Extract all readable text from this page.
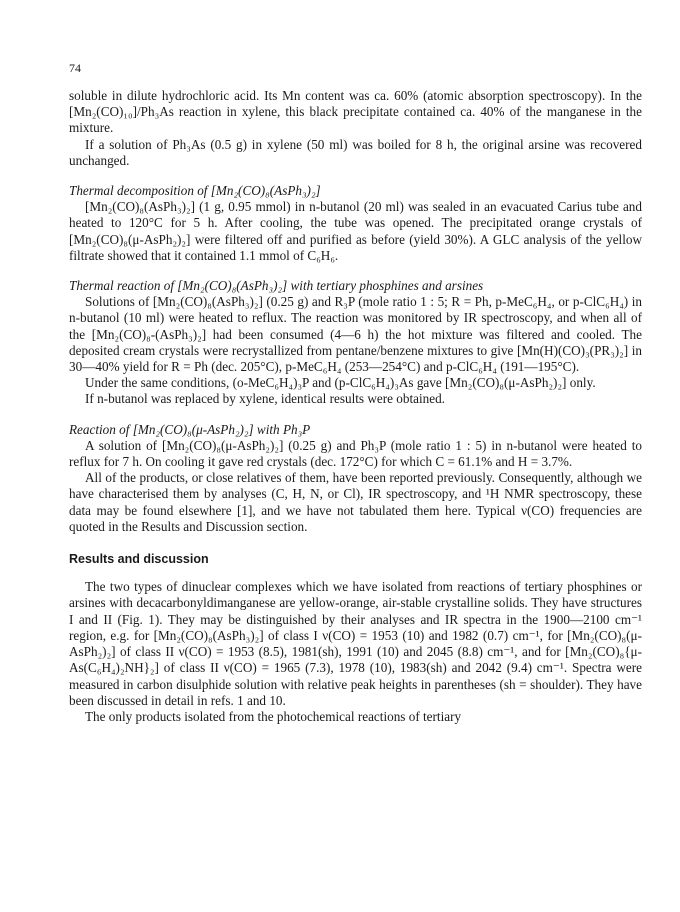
74

soluble in dilute hydrochloric acid. Its Mn content was ca. 60% (atomic absorption spectroscopy). In the [Mn₂(CO)₁₀]/Ph₃As reaction in xylene, this black precipitate contained ca. 40% of the manganese in the mixture.

If a solution of Ph₃As (0.5 g) in xylene (50 ml) was boiled for 8 h, the original arsine was recovered unchanged.

Thermal decomposition of [Mn₂(CO)₈(AsPh₃)₂]

[Mn₂(CO)₈(AsPh₃)₂] (1 g, 0.95 mmol) in n-butanol (20 ml) was sealed in an evacuated Carius tube and heated to 120°C for 5 h. After cooling, the tube was opened. The precipitated orange crystals of [Mn₂(CO)₈(μ-AsPh₂)₂] were filtered off and purified as before (yield 30%). A GLC analysis of the yellow filtrate showed that it contained 1.1 mmol of C₆H₆.

Thermal reaction of [Mn₂(CO)₈(AsPh₃)₂] with tertiary phosphines and arsines

Solutions of [Mn₂(CO)₈(AsPh₃)₂] (0.25 g) and R₃P (mole ratio 1 : 5; R = Ph, p-MeC₆H₄, or p-ClC₆H₄) in n-butanol (10 ml) were heated to reflux. The reaction was monitored by IR spectroscopy, and when all of the [Mn₂(CO)₈-(AsPh₃)₂] had been consumed (4—6 h) the hot mixture was filtered and cooled. The deposited cream crystals were recrystallized from pentane/benzene mixtures to give [Mn(H)(CO)₃(PR₃)₂] in 30—40% yield for R = Ph (dec. 205°C), p-MeC₆H₄ (253—254°C) and p-ClC₆H₄ (191—195°C).

Under the same conditions, (o-MeC₆H₄)₃P and (p-ClC₆H₄)₃As gave [Mn₂(CO)₈(μ-AsPh₂)₂] only.

If n-butanol was replaced by xylene, identical results were obtained.

Reaction of [Mn₂(CO)₈(μ-AsPh₂)₂] with Ph₃P

A solution of [Mn₂(CO)₈(μ-AsPh₂)₂] (0.25 g) and Ph₃P (mole ratio 1 : 5) in n-butanol were heated to reflux for 7 h. On cooling it gave red crystals (dec. 172°C) for which C = 61.1% and H = 3.7%.

All of the products, or close relatives of them, have been reported previously. Consequently, although we have characterised them by analyses (C, H, N, or Cl), IR spectroscopy, and ¹H NMR spectroscopy, these data may be found elsewhere [1], and we have not tabulated them here. Typical ν(CO) frequencies are quoted in the Results and Discussion section.

Results and discussion

The two types of dinuclear complexes which we have isolated from reactions of tertiary phosphines or arsines with decacarbonyldimanganese are yellow-orange, air-stable crystalline solids. They have structures I and II (Fig. 1). They may be distinguished by their analyses and IR spectra in the 1900—2100 cm⁻¹ region, e.g. for [Mn₂(CO)₈(AsPh₃)₂] of class I ν(CO) = 1953 (10) and 1982 (0.7) cm⁻¹, for [Mn₂(CO)₈(μ-AsPh₂)₂] of class II ν(CO) = 1953 (8.5), 1981(sh), 1991 (10) and 2045 (8.8) cm⁻¹, and for [Mn₂(CO)₈{μ-As(C₆H₄)₂NH}₂] of class II ν(CO) = 1965 (7.3), 1978 (10), 1983(sh) and 2042 (9.4) cm⁻¹. Spectra were measured in carbon disulphide solution with relative peak heights in parentheses (sh = shoulder). They have been discussed in detail in refs. 1 and 10.

The only products isolated from the photochemical reactions of tertiary
